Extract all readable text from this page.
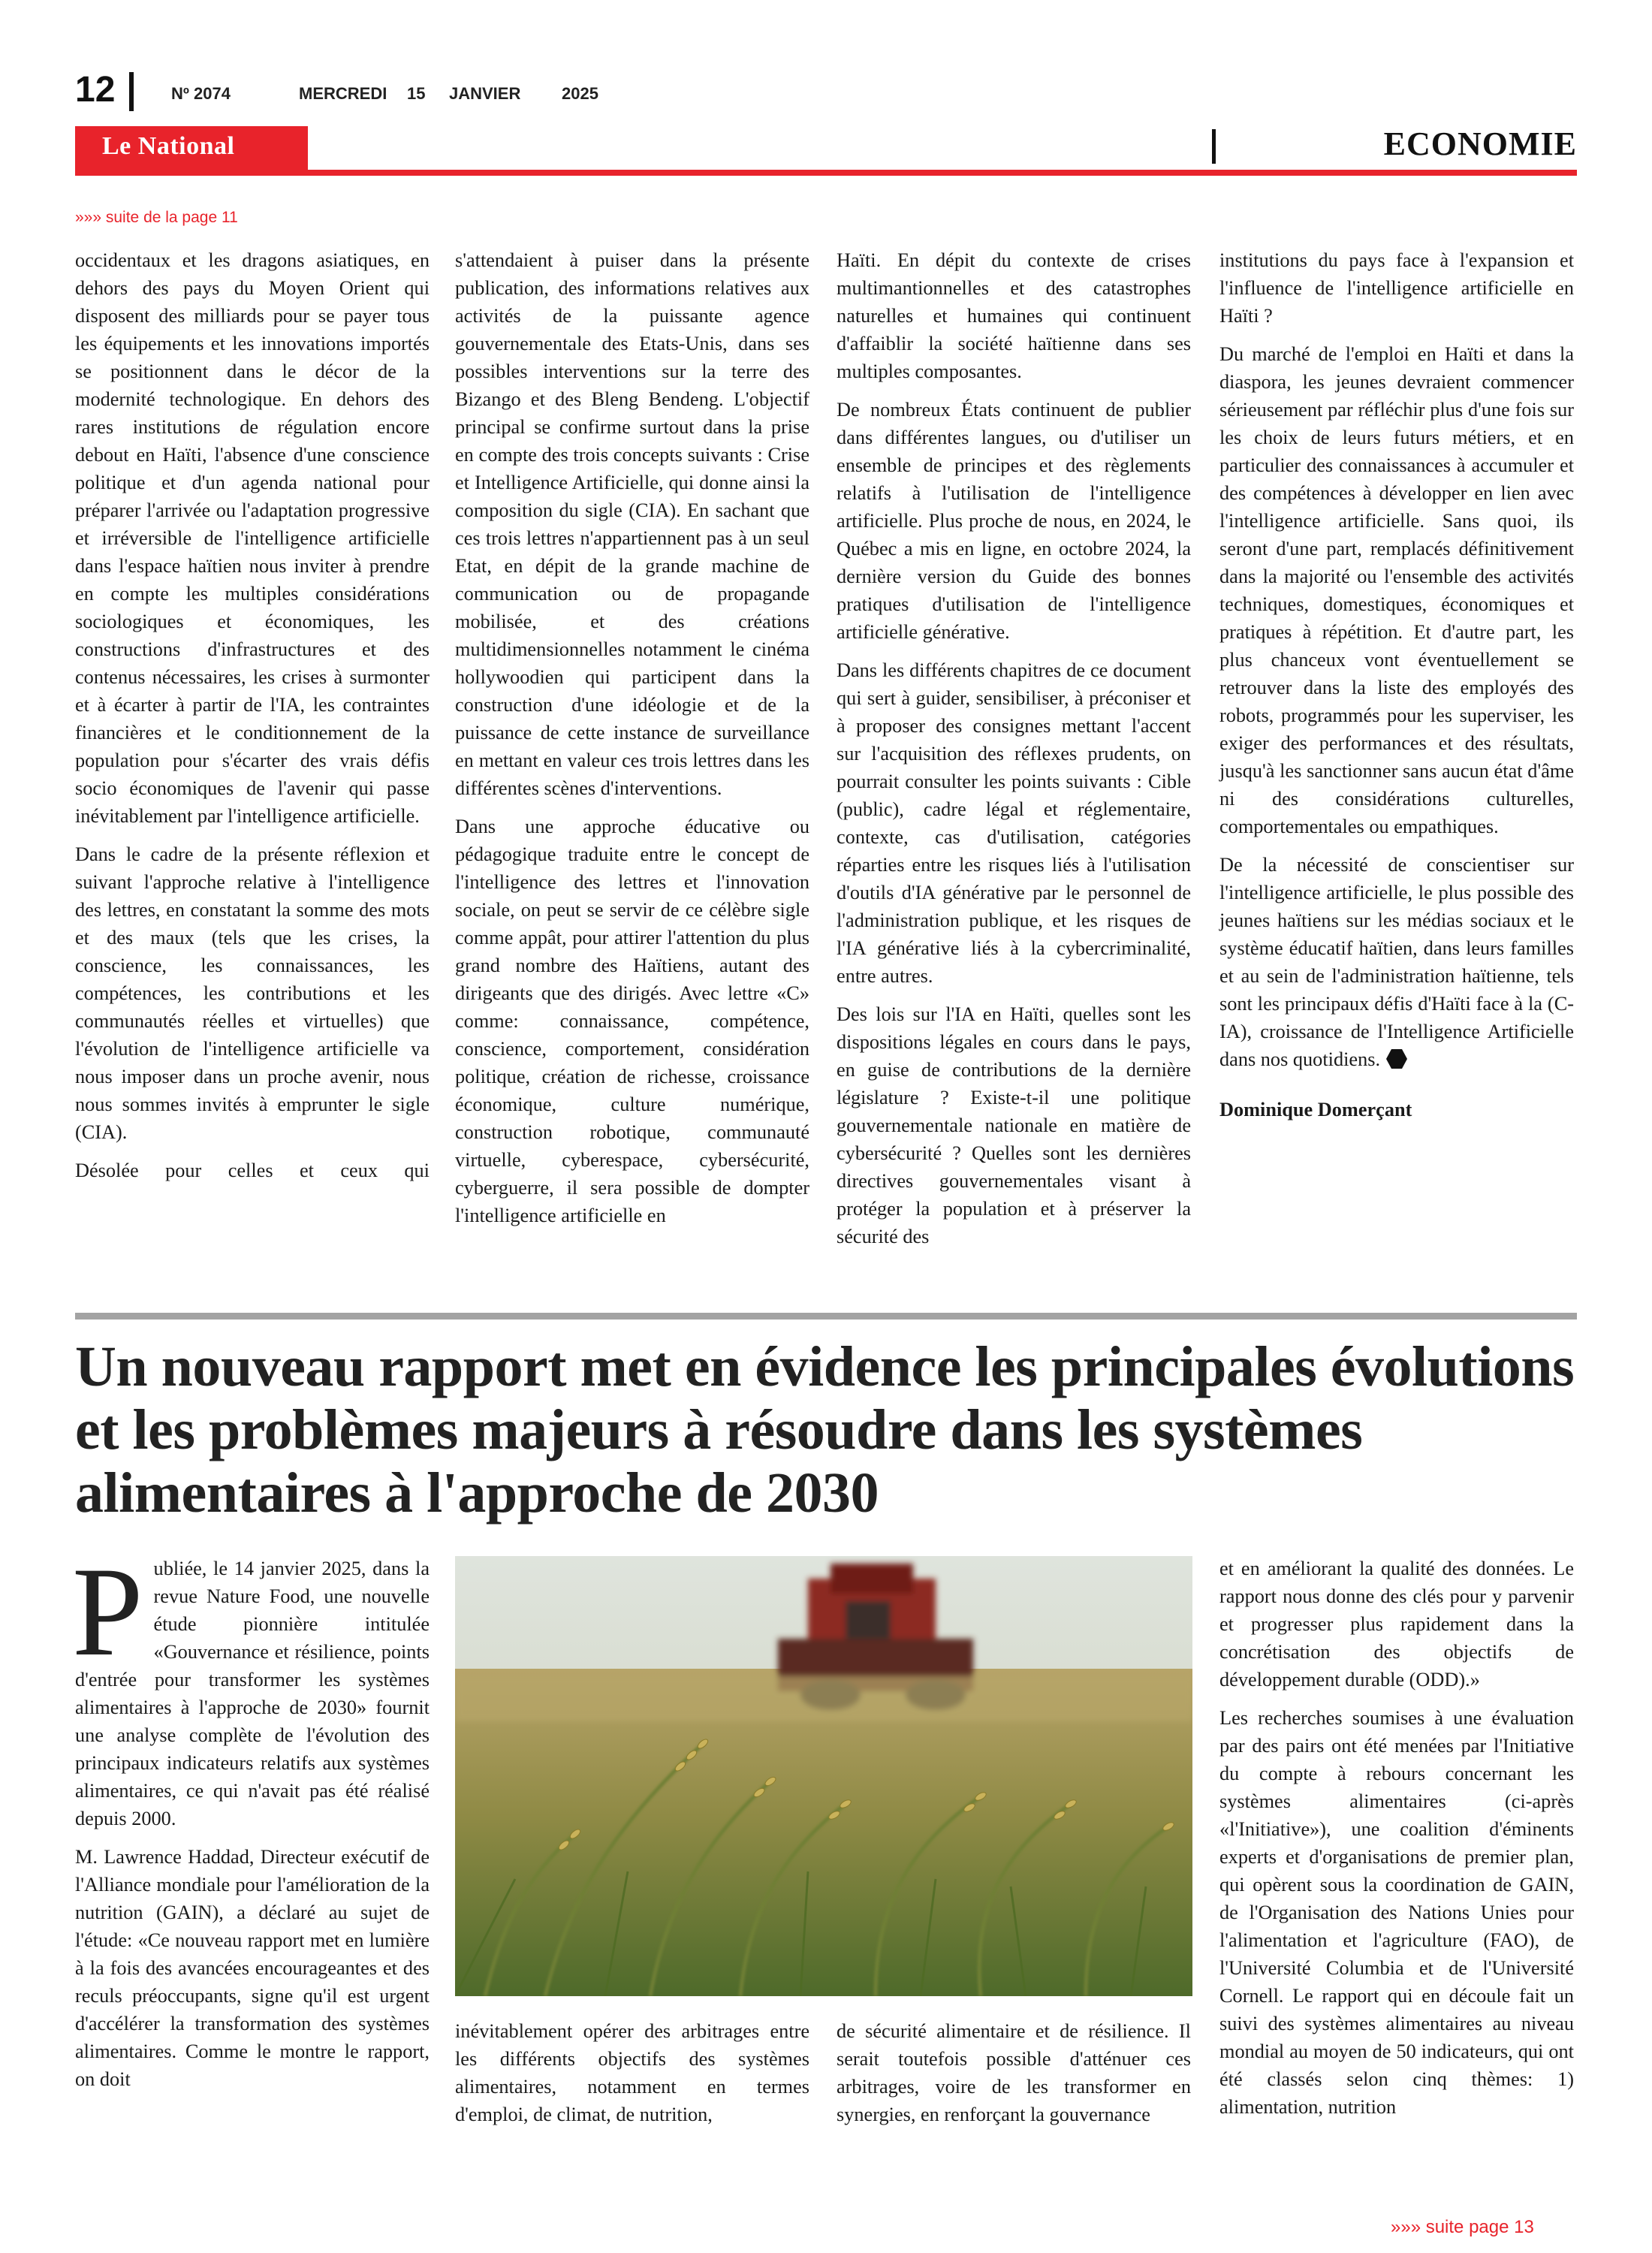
12	Nº 2074	MERCREDI 15 JANVIER 2025
Le National	ECONOMIE
»»» suite de la page 11

occidentaux et les dragons asiatiques, en dehors des pays du Moyen Orient qui disposent des milliards pour se payer tous les équipements et les innovations importés se positionnent dans le décor de la modernité technologique. En dehors des rares institutions de régulation encore debout en Haïti, l'absence d'une conscience politique et d'un agenda national pour préparer l'arrivée ou l'adaptation progressive et irréversible de l'intelligence artificielle dans l'espace haïtien nous inviter à prendre en compte les multiples considérations sociologiques et économiques, les constructions d'infrastructures et des contenus nécessaires, les crises à surmonter et à écarter à partir de l'IA, les contraintes financières et le conditionnement de la population pour s'écarter des vrais défis socio économiques de l'avenir qui passe inévitablement par l'intelligence artificielle.

Dans le cadre de la présente réflexion et suivant l'approche relative à l'intelligence des lettres, en constatant la somme des mots et des maux (tels que les crises, la conscience, les connaissances, les compétences, les contributions et les communautés réelles et virtuelles) que l'évolution de l'intelligence artificielle va nous imposer dans un proche avenir, nous nous sommes invités à emprunter le sigle (CIA).

Désolée pour celles et ceux qui

s'attendaient à puiser dans la présente publication, des informations relatives aux activités de la puissante agence gouvernementale des Etats-Unis, dans ses possibles interventions sur la terre des Bizango et des Bleng Bendeng. L'objectif principal se confirme surtout dans la prise en compte des trois concepts suivants : Crise et Intelligence Artificielle, qui donne ainsi la composition du sigle (CIA). En sachant que ces trois lettres n'appartiennent pas à un seul Etat, en dépit de la grande machine de communication ou de propagande mobilisée, et des créations multidimensionnelles notamment le cinéma hollywoodien qui participent dans la construction d'une idéologie et de la puissance de cette instance de surveillance en mettant en valeur ces trois lettres dans les différentes scènes d'interventions.

Dans une approche éducative ou pédagogique traduite entre le concept de l'intelligence des lettres et l'innovation sociale, on peut se servir de ce célèbre sigle comme appât, pour attirer l'attention du plus grand nombre des Haïtiens, autant des dirigeants que des dirigés. Avec lettre «C» comme: connaissance, compétence, conscience, comportement, considération politique, création de richesse, croissance économique, culture numérique, construction robotique, communauté virtuelle, cyberespace, cybersécurité, cyberguerre, il sera possible de dompter l'intelligence artificielle en

Haïti. En dépit du contexte de crises multimantionnelles et des catastrophes naturelles et humaines qui continuent d'affaiblir la société haïtienne dans ses multiples composantes.

De nombreux États continuent de publier dans différentes langues, ou d'utiliser un ensemble de principes et des règlements relatifs à l'utilisation de l'intelligence artificielle. Plus proche de nous, en 2024, le Québec a mis en ligne, en octobre 2024, la dernière version du Guide des bonnes pratiques d'utilisation de l'intelligence artificielle générative.

Dans les différents chapitres de ce document qui sert à guider, sensibiliser, à préconiser et à proposer des consignes mettant l'accent sur l'acquisition des réflexes prudents, on pourrait consulter les points suivants : Cible (public), cadre légal et réglementaire, contexte, cas d'utilisation, catégories réparties entre les risques liés à l'utilisation d'outils d'IA générative par le personnel de l'administration publique, et les risques de l'IA générative liés à la cybercriminalité, entre autres.

Des lois sur l'IA en Haïti, quelles sont les dispositions légales en cours dans le pays, en guise de contributions de la dernière législature ? Existe-t-il une politique gouvernementale nationale en matière de cybersécurité ? Quelles sont les dernières directives gouvernementales visant à protéger la population et à préserver la sécurité des

institutions du pays face à l'expansion et l'influence de l'intelligence artificielle en Haïti ?

Du marché de l'emploi en Haïti et dans la diaspora, les jeunes devraient commencer sérieusement par réfléchir plus d'une fois sur les choix de leurs futurs métiers, et en particulier des connaissances à accumuler et des compétences à développer en lien avec l'intelligence artificielle. Sans quoi, ils seront d'une part, remplacés définitivement dans la majorité ou l'ensemble des activités techniques, domestiques, économiques et pratiques à répétition. Et d'autre part, les plus chanceux vont éventuellement se retrouver dans la liste des employés des robots, programmés pour les superviser, les exiger des performances et des résultats, jusqu'à les sanctionner sans aucun état d'âme ni des considérations culturelles, comportementales ou empathiques.

De la nécessité de conscientiser sur l'intelligence artificielle, le plus possible des jeunes haïtiens sur les médias sociaux et le système éducatif haïtien, dans leurs familles et au sein de l'administration haïtienne, tels sont les principaux défis d'Haïti face à la (C-IA), croissance de l'Intelligence Artificielle dans nos quotidiens.

Dominique Domerçant

Un nouveau rapport met en évidence les principales évolutions et les problèmes majeurs à résoudre dans les systèmes alimentaires à l'approche de 2030

Publiée, le 14 janvier 2025, dans la revue Nature Food, une nouvelle étude pionnière intitulée «Gouvernance et résilience, points d'entrée pour transformer les systèmes alimentaires à l'approche de 2030» fournit une analyse complète de l'évolution des principaux indicateurs relatifs aux systèmes alimentaires, ce qui n'avait pas été réalisé depuis 2000.

M. Lawrence Haddad, Directeur exécutif de l'Alliance mondiale pour l'amélioration de la nutrition (GAIN), a déclaré au sujet de l'étude: «Ce nouveau rapport met en lumière à la fois des avancées encourageantes et des reculs préoccupants, signe qu'il est urgent d'accélérer la transformation des systèmes alimentaires. Comme le montre le rapport, on doit

inévitablement opérer des arbitrages entre les différents objectifs des systèmes alimentaires, notamment en termes d'emploi, de climat, de nutrition,

de sécurité alimentaire et de résilience. Il serait toutefois possible d'atténuer ces arbitrages, voire de les transformer en synergies, en renforçant la gouvernance

et en améliorant la qualité des données. Le rapport nous donne des clés pour y parvenir et progresser plus rapidement dans la concrétisation des objectifs de développement durable (ODD).»

Les recherches soumises à une évaluation par des pairs ont été menées par l'Initiative du compte à rebours concernant les systèmes alimentaires (ci-après «l'Initiative»), une coalition d'éminents experts et d'organisations de premier plan, qui opèrent sous la coordination de GAIN, de l'Organisation des Nations Unies pour l'alimentation et l'agriculture (FAO), de l'Université Columbia et de l'Université Cornell. Le rapport qui en découle fait un suivi des systèmes alimentaires au niveau mondial au moyen de 50 indicateurs, qui ont été classés selon cinq thèmes: 1) alimentation, nutrition

»»» suite page 13
